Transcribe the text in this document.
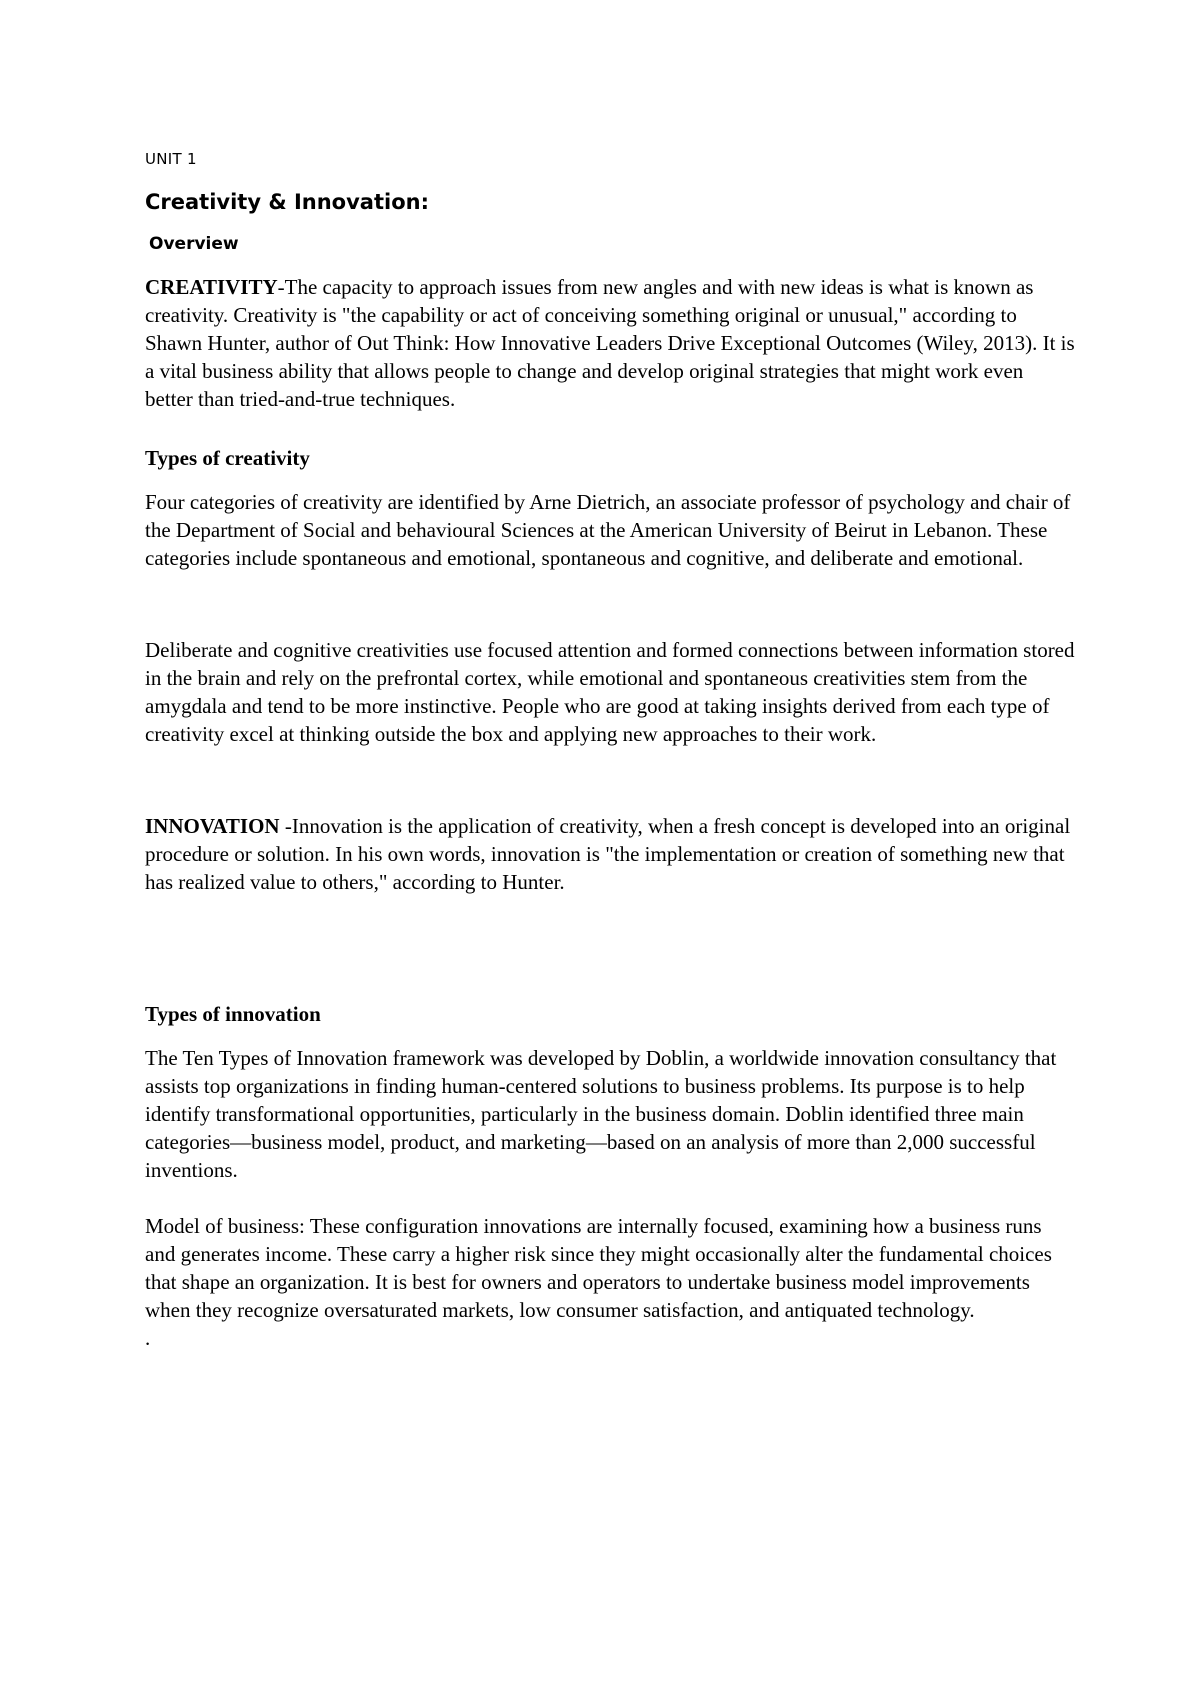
UNIT 1
Creativity & Innovation:
Overview

CREATIVITY-The capacity to approach issues from new angles and with new ideas is what is known as creativity. Creativity is "the capability or act of conceiving something original or unusual," according to Shawn Hunter, author of Out Think: How Innovative Leaders Drive Exceptional Outcomes (Wiley, 2013). It is a vital business ability that allows people to change and develop original strategies that might work even better than tried-and-true techniques.

Types of creativity

Four categories of creativity are identified by Arne Dietrich, an associate professor of psychology and chair of the Department of Social and behavioural Sciences at the American University of Beirut in Lebanon. These categories include spontaneous and emotional, spontaneous and cognitive, and deliberate and emotional.

Deliberate and cognitive creativities use focused attention and formed connections between information stored in the brain and rely on the prefrontal cortex, while emotional and spontaneous creativities stem from the amygdala and tend to be more instinctive. People who are good at taking insights derived from each type of creativity excel at thinking outside the box and applying new approaches to their work.

INNOVATION -Innovation is the application of creativity, when a fresh concept is developed into an original procedure or solution. In his own words, innovation is "the implementation or creation of something new that has realized value to others," according to Hunter.

Types of innovation

The Ten Types of Innovation framework was developed by Doblin, a worldwide innovation consultancy that assists top organizations in finding human-centered solutions to business problems. Its purpose is to help identify transformational opportunities, particularly in the business domain. Doblin identified three main categories—business model, product, and marketing—based on an analysis of more than 2,000 successful inventions.

Model of business: These configuration innovations are internally focused, examining how a business runs and generates income. These carry a higher risk since they might occasionally alter the fundamental choices that shape an organization. It is best for owners and operators to undertake business model improvements when they recognize oversaturated markets, low consumer satisfaction, and antiquated technology.

.
